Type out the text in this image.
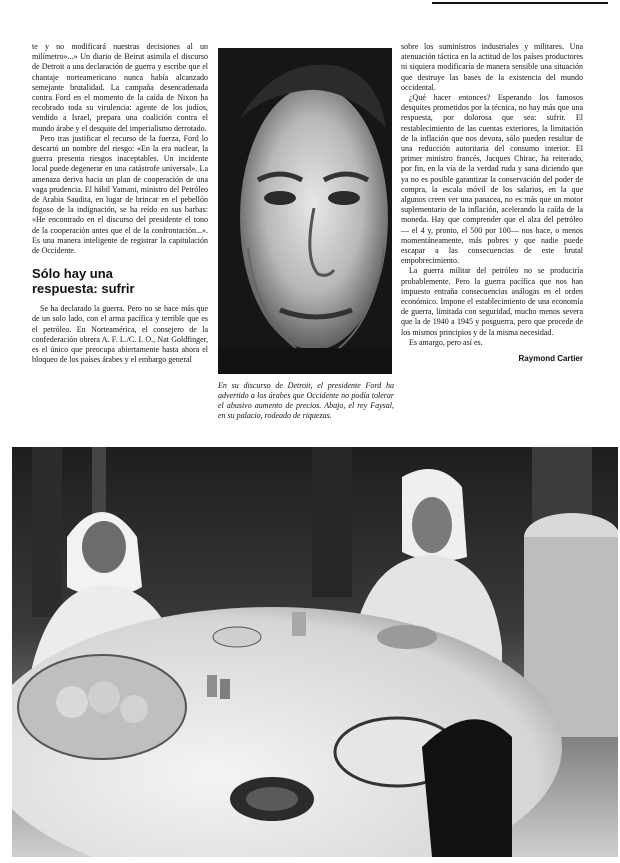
te y no modificará nuestras decisiones al un milímetro»...» Un diario de Beirut asimila el discurso de Detroit a una declaración de guerra y escribe que el chantaje norteamericano nunca había alcanzado semejante brutalidad. La campaña desencadenada contra Ford en el momento de la caída de Nixon ha recobrado toda su virulencia: agente de los judíos, vendido a Israel, prepara una coalición contra el mundo árabe y el desquite del imperialismo derrotado.

Pero tras justificar el recurso de la fuerza, Ford lo descartó un nombre del riesgo: «En la era nuclear, la guerra presenta riesgos inaceptables. Un incidente local puede degenerar en una catástrofe universal». La amenaza deriva hacia un plan de cooperación de una vaga prudencia. El hábil Yamani, ministro del Petróleo de Arabia Saudita, en lugar de brincar en el pebellón fogoso de la indignación, se ha reído en sus barbas: «He encontrado en el discurso del presidente el tono de la cooperación antes que el de la confrontación...». Es una manera inteligente de registrar la capitulación de Occidente.

Sólo hay una
respuesta: sufrir

Se ha declarado la guerra. Pero no se hace más que de un solo lado, con el arma pacífica y terrible que es el petróleo. En Norteamérica, el consejero de la confederación obrera A. F. L./C. I. O., Nat Goldfinger, es el único que preocupa abiertamente hasta ahora el bloqueo de los países árabes y el embargo general

En su discurso de Detroit, el presidente Ford ha advertido a los árabes que Occidente no podía tolerar el abusivo aumento de precios. Abajo, el rey Faysal, en su palacio, rodeado de riquezas.

sobre los suministros industriales y militares. Una atenuación táctica en la actitud de los países productores ni siquiera modificaría de manera sensible una situación que destruye las bases de la existencia del mundo occidental.

¿Qué hacer entonces? Esperando los famosos desquites prometidos por la técnica, no hay más que una respuesta, por dolorosa que sea: sufrir. El restablecimiento de las cuentas exteriores, la limitación de la inflación que nos devora, sólo pueden resultar de una reducción autoritaria del consumo interior. El primer ministro francés, Jacques Chirac, ha reiterado, por fin, en la vía de la verdad ruda y sana diciendo que ya no es posible garantizar la conservación del poder de compra, la escala móvil de los salarios, en la que algunos creen ver una panacea, no es más que un motor suplementario de la inflación, acelerando la caída de la moneda. Hay que comprender que el alza del petróleo — el 4 y, pronto, el 500 por 100— nos hace, o menos momentáneamente, más pobres y que nadie puede escapar a las consecuencias de este brutal empobrecimiento.

La guerra militar del petróleo no se produciría probablemente. Pero la guerra pacífica que nos han impuesto entraña consecuencias análogas en el orden económico. Impone el establecimiento de una economía de guerra, limitada con seguridad, mucho menos severa que la de 1940 a 1945 y posguerra, pero que procede de los mismos principios y de la misma necesidad.

Es amargo, pero así es.

Raymond Cartier
